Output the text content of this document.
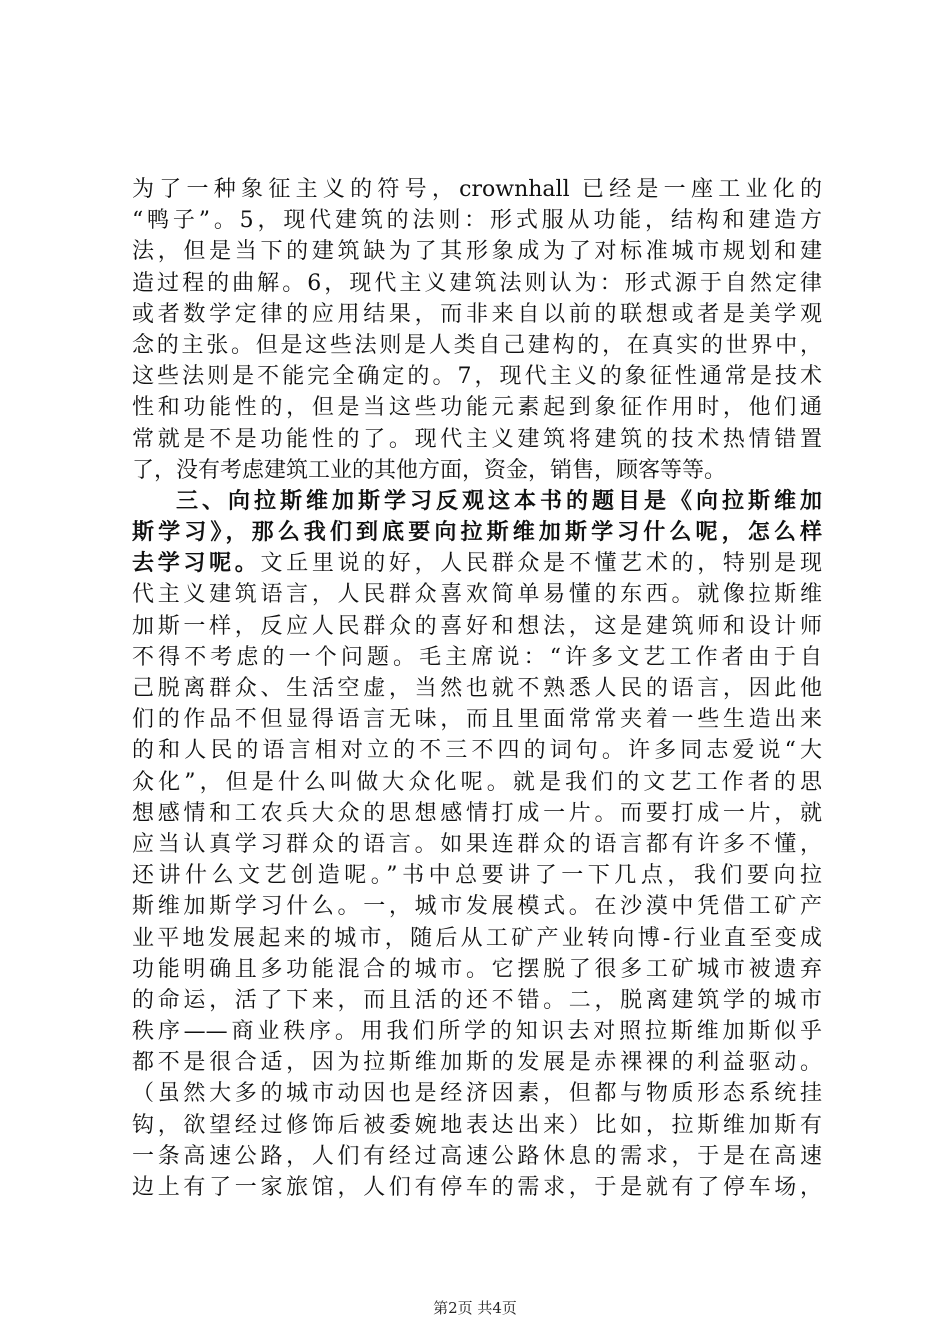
为了一种象征主义的符号，crownhall 已经是一座工业化的
“鸭子”。5，现代建筑的法则：形式服从功能，结构和建造方
法，但是当下的建筑缺为了其形象成为了对标准城市规划和建
造过程的曲解。6，现代主义建筑法则认为：形式源于自然定律
或者数学定律的应用结果，而非来自以前的联想或者是美学观
念的主张。但是这些法则是人类自己建构的，在真实的世界中，
这些法则是不能完全确定的。7，现代主义的象征性通常是技术
性和功能性的，但是当这些功能元素起到象征作用时，他们通
常就是不是功能性的了。现代主义建筑将建筑的技术热情错置
了，没有考虑建筑工业的其他方面，资金，销售，顾客等等。
三、向拉斯维加斯学习反观这本书的题目是《向拉斯维加
斯学习》，那么我们到底要向拉斯维加斯学习什么呢，怎么样
去学习呢。文丘里说的好，人民群众是不懂艺术的，特别是现
代主义建筑语言，人民群众喜欢简单易懂的东西。就像拉斯维
加斯一样，反应人民群众的喜好和想法，这是建筑师和设计师
不得不考虑的一个问题。毛主席说：“许多文艺工作者由于自
己脱离群众、生活空虚，当然也就不熟悉人民的语言，因此他
们的作品不但显得语言无味，而且里面常常夹着一些生造出来
的和人民的语言相对立的不三不四的词句。许多同志爱说“大
众化”，但是什么叫做大众化呢。就是我们的文艺工作者的思
想感情和工农兵大众的思想感情打成一片。而要打成一片，就
应当认真学习群众的语言。如果连群众的语言都有许多不懂，
还讲什么文艺创造呢。”书中总要讲了一下几点，我们要向拉
斯维加斯学习什么。一，城市发展模式。在沙漠中凭借工矿产
业平地发展起来的城市，随后从工矿产业转向博-行业直至变成
功能明确且多功能混合的城市。它摆脱了很多工矿城市被遗弃
的命运，活了下来，而且活的还不错。二，脱离建筑学的城市
秩序——商业秩序。用我们所学的知识去对照拉斯维加斯似乎
都不是很合适，因为拉斯维加斯的发展是赤裸裸的利益驱动。
（虽然大多的城市动因也是经济因素，但都与物质形态系统挂
钩，欲望经过修饰后被委婉地表达出来）比如，拉斯维加斯有
一条高速公路，人们有经过高速公路休息的需求，于是在高速
边上有了一家旅馆，人们有停车的需求，于是就有了停车场，
第2页 共4页
